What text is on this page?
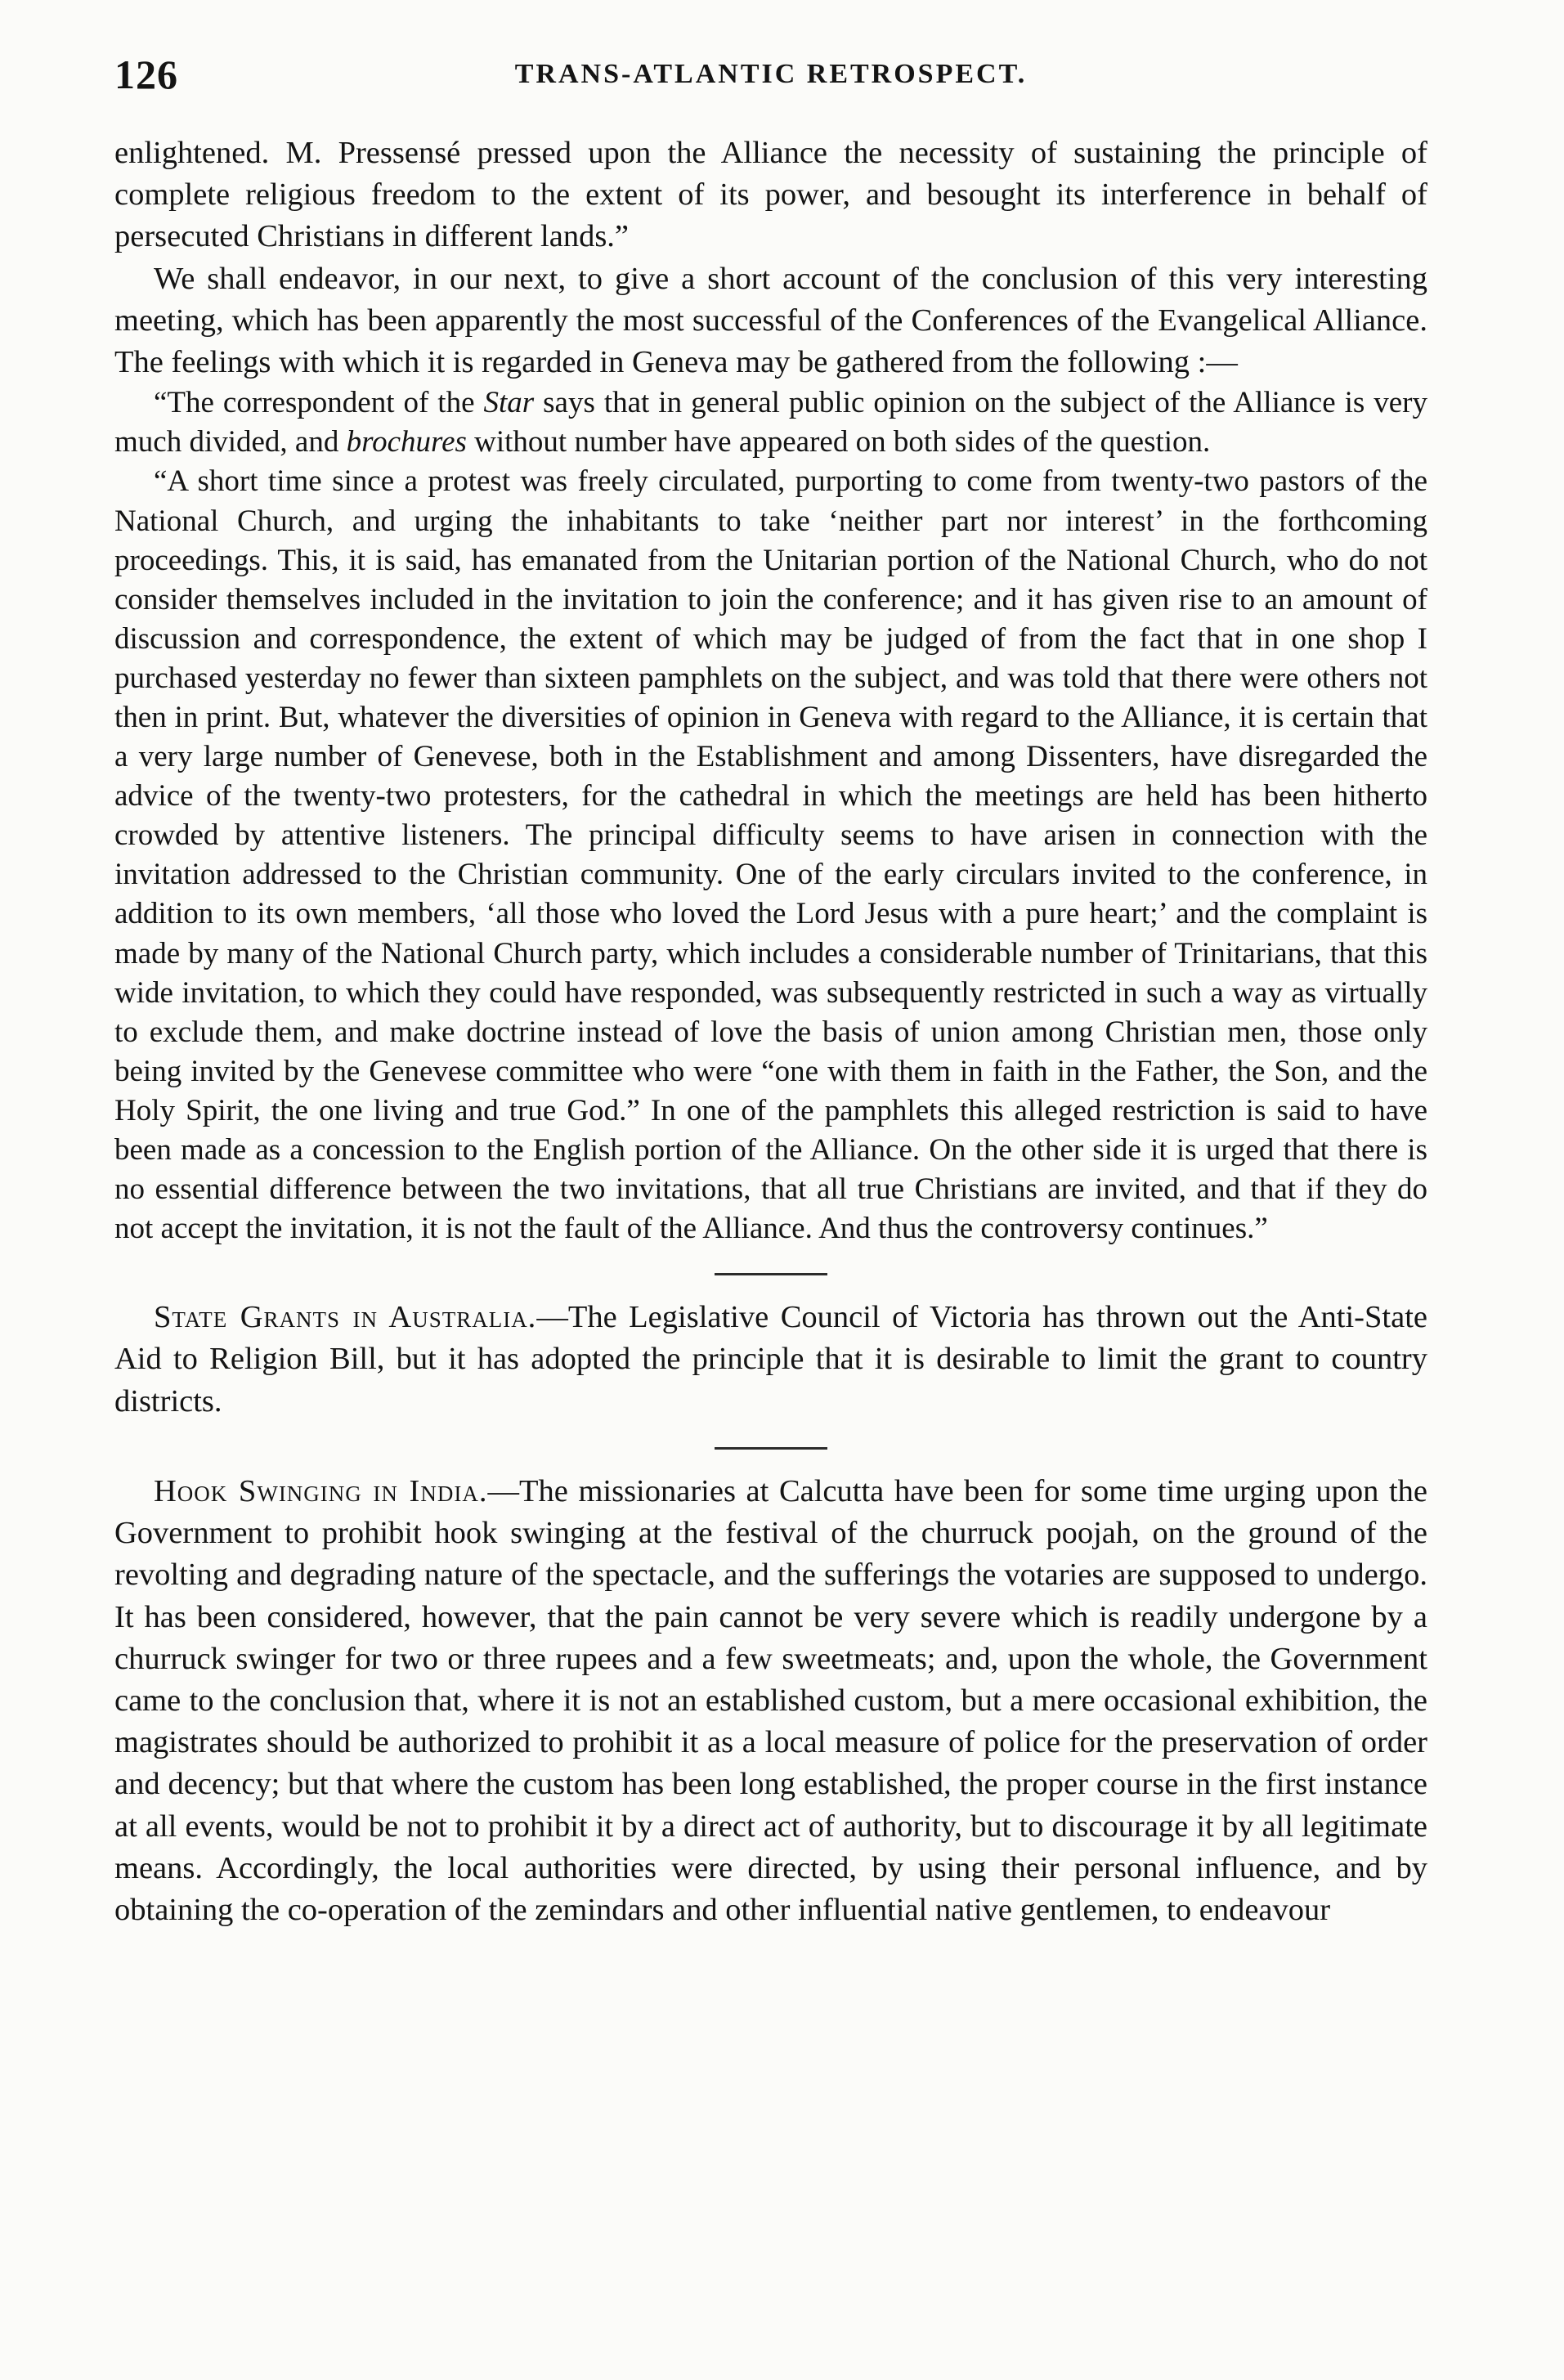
126	TRANS-ATLANTIC RETROSPECT.

enlightened. M. Pressensé pressed upon the Alliance the necessity of sustaining the principle of complete religious freedom to the extent of its power, and besought its interference in behalf of persecuted Christians in different lands.”

We shall endeavor, in our next, to give a short account of the conclusion of this very interesting meeting, which has been apparently the most successful of the Conferences of the Evangelical Alliance. The feelings with which it is regarded in Geneva may be gathered from the following :—

“The correspondent of the Star says that in general public opinion on the subject of the Alliance is very much divided, and brochures without number have appeared on both sides of the question.

“A short time since a protest was freely circulated, purporting to come from twenty-two pastors of the National Church, and urging the inhabitants to take ‘neither part nor interest’ in the forthcoming proceedings. This, it is said, has emanated from the Unitarian portion of the National Church, who do not consider themselves included in the invitation to join the conference; and it has given rise to an amount of discussion and correspondence, the extent of which may be judged of from the fact that in one shop I purchased yesterday no fewer than sixteen pamphlets on the subject, and was told that there were others not then in print. But, whatever the diversities of opinion in Geneva with regard to the Alliance, it is certain that a very large number of Genevese, both in the Establishment and among Dissenters, have disregarded the advice of the twenty-two protesters, for the cathedral in which the meetings are held has been hitherto crowded by attentive listeners. The principal difficulty seems to have arisen in connection with the invitation addressed to the Christian community. One of the early circulars invited to the conference, in addition to its own members, ‘all those who loved the Lord Jesus with a pure heart;’ and the complaint is made by many of the National Church party, which includes a considerable number of Trinitarians, that this wide invitation, to which they could have responded, was subsequently restricted in such a way as virtually to exclude them, and make doctrine instead of love the basis of union among Christian men, those only being invited by the Genevese committee who were “one with them in faith in the Father, the Son, and the Holy Spirit, the one living and true God.” In one of the pamphlets this alleged restriction is said to have been made as a concession to the English portion of the Alliance. On the other side it is urged that there is no essential difference between the two invitations, that all true Christians are invited, and that if they do not accept the invitation, it is not the fault of the Alliance. And thus the controversy continues.”

State Grants in Australia.—The Legislative Council of Victoria has thrown out the Anti-State Aid to Religion Bill, but it has adopted the principle that it is desirable to limit the grant to country districts.

Hook Swinging in India.—The missionaries at Calcutta have been for some time urging upon the Government to prohibit hook swinging at the festival of the churruck poojah, on the ground of the revolting and degrading nature of the spectacle, and the sufferings the votaries are supposed to undergo. It has been considered, however, that the pain cannot be very severe which is readily undergone by a churruck swinger for two or three rupees and a few sweetmeats; and, upon the whole, the Government came to the conclusion that, where it is not an established custom, but a mere occasional exhibition, the magistrates should be authorized to prohibit it as a local measure of police for the preservation of order and decency; but that where the custom has been long established, the proper course in the first instance at all events, would be not to prohibit it by a direct act of authority, but to discourage it by all legitimate means. Accordingly, the local authorities were directed, by using their personal influence, and by obtaining the co-operation of the zemindars and other influential native gentlemen, to endeavour
